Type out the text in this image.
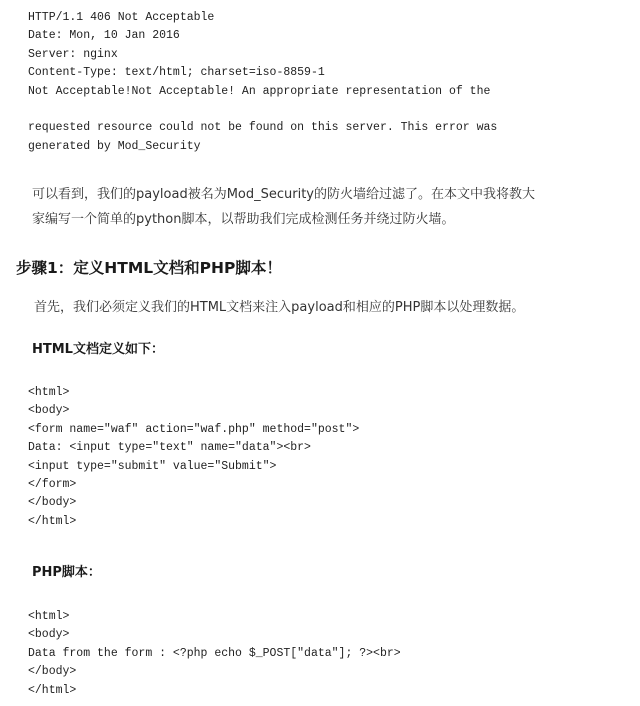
HTTP/1.1 406 Not Acceptable
Date: Mon, 10 Jan 2016
Server: nginx
Content-Type: text/html; charset=iso-8859-1
Not Acceptable!Not Acceptable! An appropriate representation of the
requested resource could not be found on this server. This error was
generated by Mod_Security
可以看到，我们的payload被名为Mod_Security的防火墙给过滤了。在本文中我将教大
家编写一个简单的python脚本，以帮助我们完成检测任务并绕过防火墙。
步骤1：定义HTML文档和PHP脚本！

首先，我们必须定义我们的HTML文档来注入payload和相应的PHP脚本以处理数据。

HTML文档定义如下：
<html>
<body>
<form name="waf" action="waf.php" method="post">
Data: <input type="text" name="data"><br>
<input type="submit" value="Submit">
</form>
</body>
</html>
PHP脚本：
<html>
<body>
Data from the form : <?php echo $_POST["data"]; ?><br>
</body>
</html>
